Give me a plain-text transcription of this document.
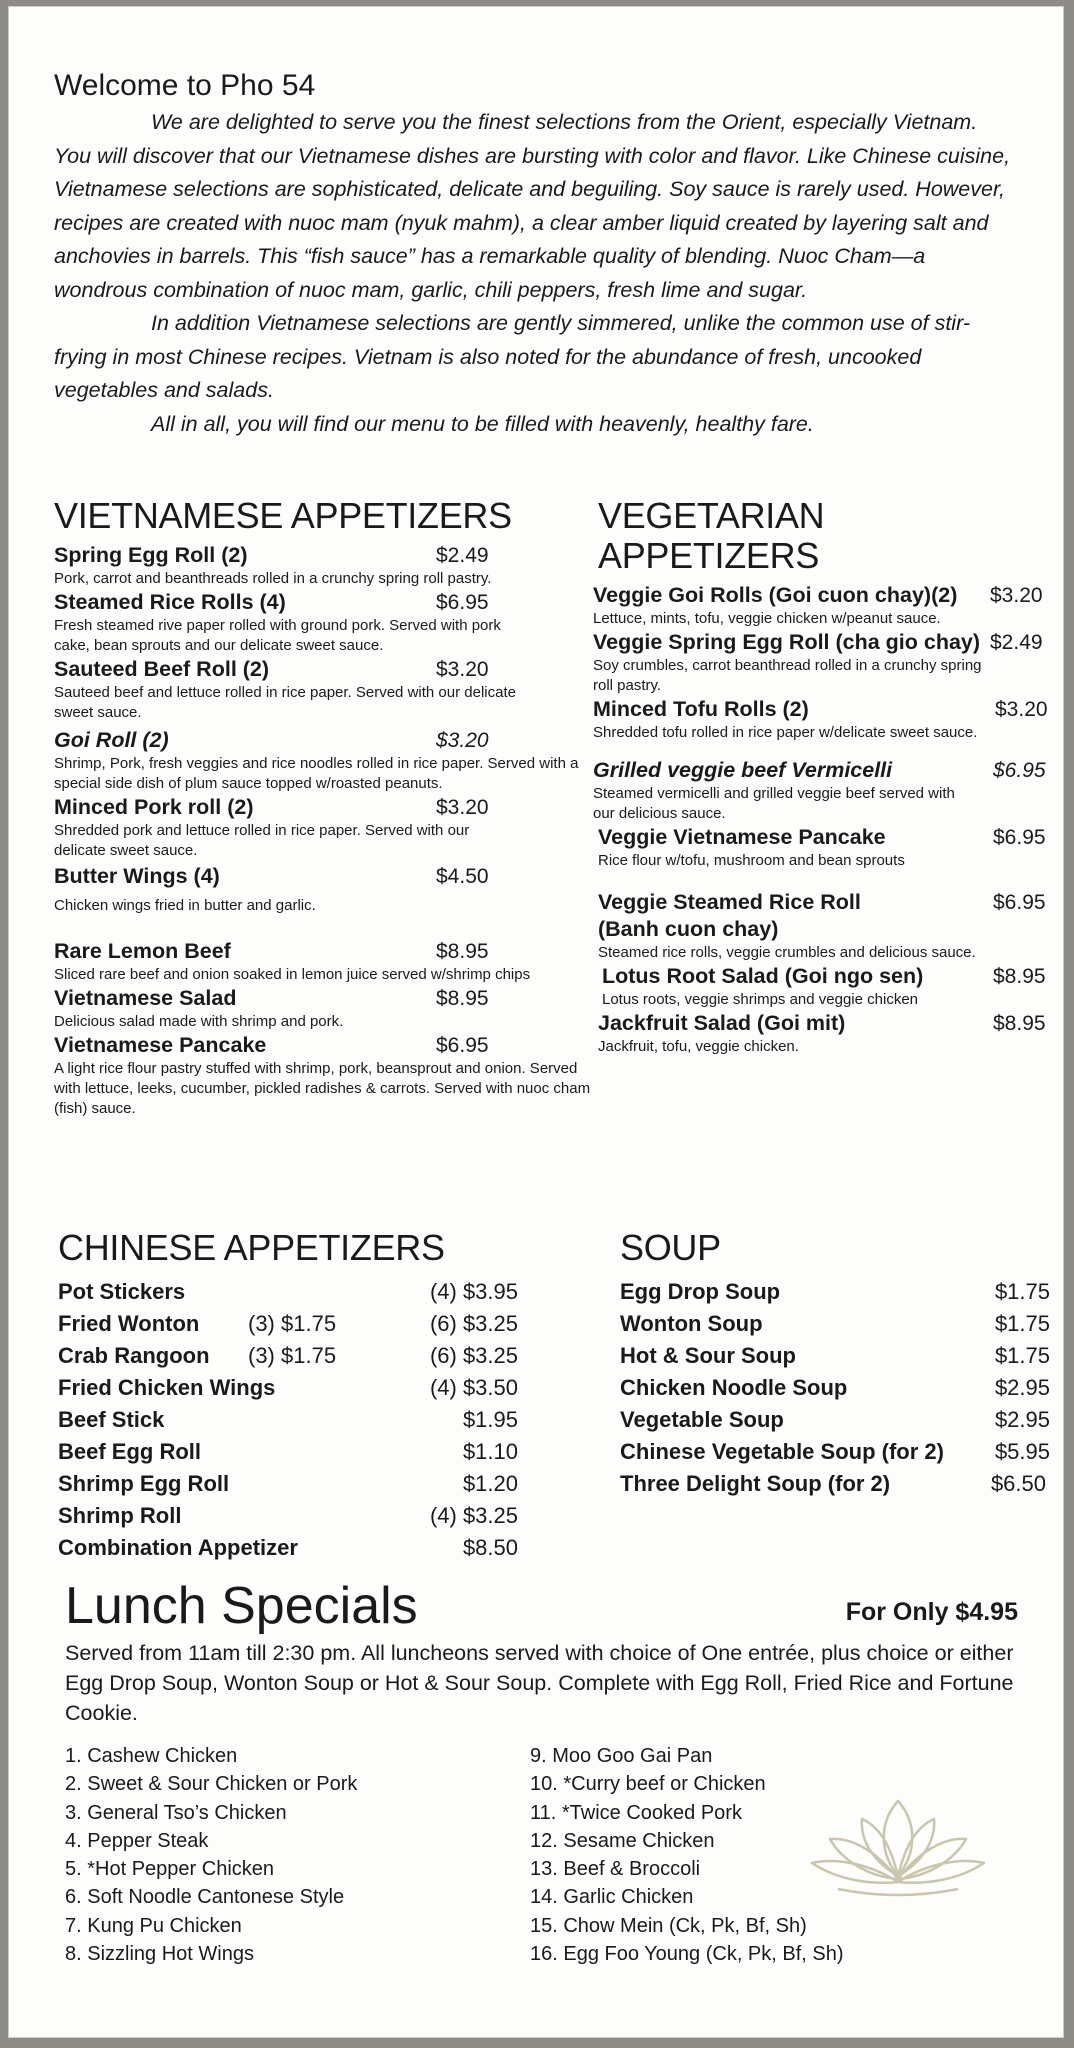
Welcome to Pho 54

We are delighted to serve you the finest selections from the Orient, especially Vietnam. You will discover that our Vietnamese dishes are bursting with color and flavor. Like Chinese cuisine, Vietnamese selections are sophisticated, delicate and beguiling. Soy sauce is rarely used. However, recipes are created with nuoc mam (nyuk mahm), a clear amber liquid created by layering salt and anchovies in barrels. This “fish sauce” has a remarkable quality of blending. Nuoc Cham—a wondrous combination of nuoc mam, garlic, chili peppers, fresh lime and sugar.

In addition Vietnamese selections are gently simmered, unlike the common use of stir-frying in most Chinese recipes. Vietnam is also noted for the abundance of fresh, uncooked vegetables and salads.

All in all, you will find our menu to be filled with heavenly, healthy fare.

VIETNAMESE APPETIZERS
Spring Egg Roll (2)	$2.49
Pork, carrot and beanthreads rolled in a crunchy spring roll pastry.
Steamed Rice Rolls (4)	$6.95
Fresh steamed rive paper rolled with ground pork. Served with pork cake, bean sprouts and our delicate sweet sauce.
Sauteed Beef Roll (2)	$3.20
Sauteed beef and lettuce rolled in rice paper. Served with our delicate sweet sauce.
Goi Roll (2)	$3.20
Shrimp, Pork, fresh veggies and rice noodles rolled in rice paper. Served with a special side dish of plum sauce topped w/roasted peanuts.
Minced Pork roll (2)	$3.20
Shredded pork and lettuce rolled in rice paper. Served with our delicate sweet sauce.
Butter Wings (4)	$4.50
Chicken wings fried in butter and garlic.
Rare Lemon Beef	$8.95
Sliced rare beef and onion soaked in lemon juice served w/shrimp chips
Vietnamese Salad	$8.95
Delicious salad made with shrimp and pork.
Vietnamese Pancake	$6.95
A light rice flour pastry stuffed with shrimp, pork, beansprout and onion. Served with lettuce, leeks, cucumber, pickled radishes & carrots. Served with nuoc cham (fish) sauce.
VEGETARIAN APPETIZERS
Veggie Goi Rolls (Goi cuon chay)(2)	$3.20
Lettuce, mints, tofu, veggie chicken w/peanut sauce.
Veggie Spring Egg Roll (cha gio chay) $2.49
Soy crumbles, carrot beanthread rolled in a crunchy spring roll pastry.
Minced Tofu Rolls (2)	$3.20
Shredded tofu rolled in rice paper w/delicate sweet sauce.
Grilled veggie beef Vermicelli	$6.95
Steamed vermicelli and grilled veggie beef served with our delicious sauce.
Veggie Vietnamese Pancake	$6.95
Rice flour w/tofu, mushroom and bean sprouts
Veggie Steamed Rice Roll
(Banh cuon chay)
$6.95
Steamed rice rolls, veggie crumbles and delicious sauce.
Lotus Root Salad (Goi ngo sen)	$8.95
Lotus roots, veggie shrimps and veggie chicken
Jackfruit Salad (Goi mit)	$8.95
Jackfruit, tofu, veggie chicken.
CHINESE APPETIZERS
Pot Stickers	(4) $3.95
Fried Wonton (3) $1.75	(6) $3.25
Crab Rangoon (3) $1.75	(6) $3.25
Fried Chicken Wings	(4) $3.50
Beef Stick	$1.95
Beef Egg Roll	$1.10
Shrimp Egg Roll	$1.20
Shrimp Roll	(4) $3.25
Combination Appetizer	$8.50
SOUP
Egg Drop Soup	$1.75
Wonton Soup	$1.75
Hot & Sour Soup	$1.75
Chicken Noodle Soup	$2.95
Vegetable Soup	$2.95
Chinese Vegetable Soup (for 2) $5.95
Three Delight Soup (for 2)	$6.50
Lunch Specials	For Only $4.95
Served from 11am till 2:30 pm. All luncheons served with choice of One entrée, plus choice or either Egg Drop Soup, Wonton Soup or Hot & Sour Soup. Complete with Egg Roll, Fried Rice and Fortune Cookie.
1. Cashew Chicken
2. Sweet & Sour Chicken or Pork
3. General Tso’s Chicken
4. Pepper Steak
5. *Hot Pepper Chicken
6. Soft Noodle Cantonese Style
7. Kung Pu Chicken
8. Sizzling Hot Wings
9. Moo Goo Gai Pan
10. *Curry beef or Chicken
11. *Twice Cooked Pork
12. Sesame Chicken
13. Beef & Broccoli
14. Garlic Chicken
15. Chow Mein (Ck, Pk, Bf, Sh)
16. Egg Foo Young (Ck, Pk, Bf, Sh)
